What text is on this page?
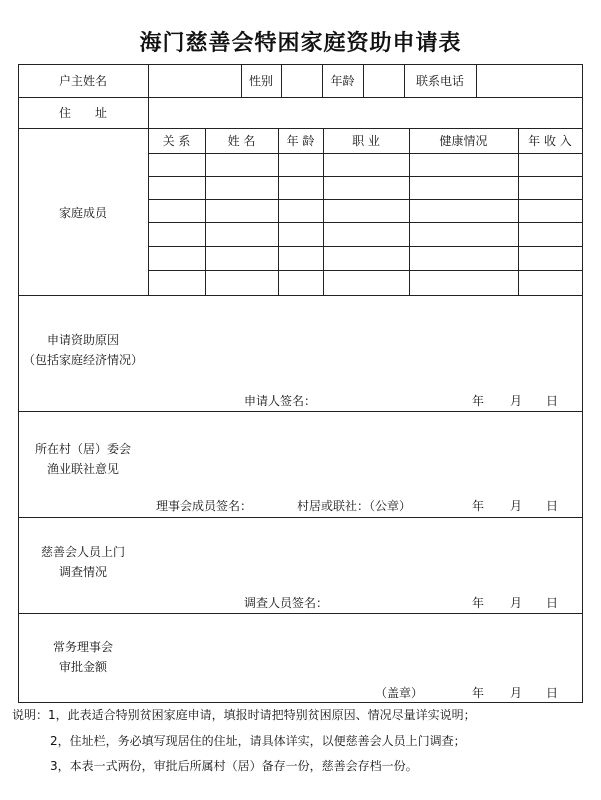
海门慈善会特困家庭资助申请表
户主姓名	性别	年龄	联系电话
住　　址
家庭成员
关 系	姓 名	年 龄	职 业	健康情况	年 收 入
申请资助原因
（包括家庭经济情况）
申请人签名：	年 月 日
所在村（居）委会
渔业联社意见
理事会成员签名：	村居或联社：（公章）	年 月 日
慈善会人员上门
调查情况
调查人员签名：	年 月 日
常务理事会
审批金额
（盖章）	年 月 日
说明：1，此表适合特别贫困家庭申请，填报时请把特别贫困原因、情况尽量详实说明；
2，住址栏，务必填写现居住的住址，请具体详实，以便慈善会人员上门调查；
3，本表一式两份，审批后所属村（居）备存一份，慈善会存档一份。
